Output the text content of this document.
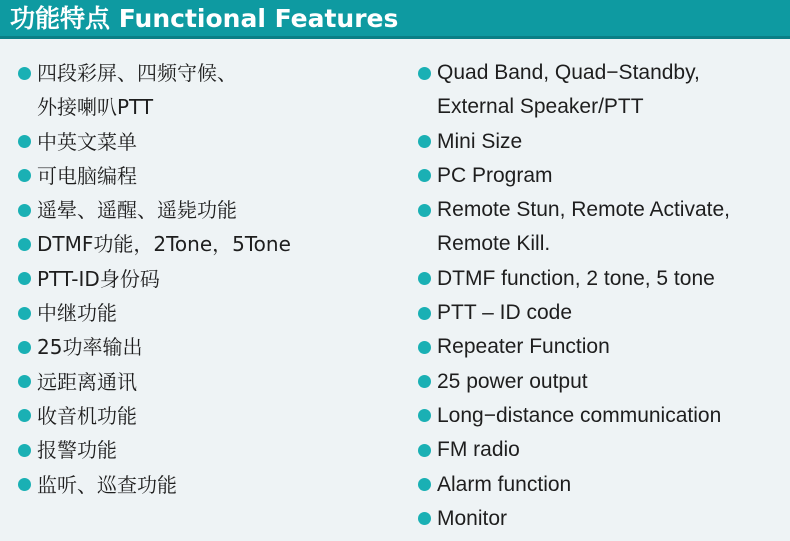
功能特点 Functional Features
四段彩屏、四频守候、
外接喇叭PTT
中英文菜单
可电脑编程
遥晕、遥醒、遥毙功能
DTMF功能，2Tone，5Tone
PTT-ID身份码
中继功能
25功率输出
远距离通讯
收音机功能
报警功能
监听、巡查功能
Quad Band, Quad−Standby,
External Speaker/PTT
Mini Size
PC Program
Remote Stun, Remote Activate,
Remote Kill.
DTMF function, 2 tone, 5 tone
PTT – ID code
Repeater Function
25 power output
Long−distance communication
FM radio
Alarm function
Monitor
